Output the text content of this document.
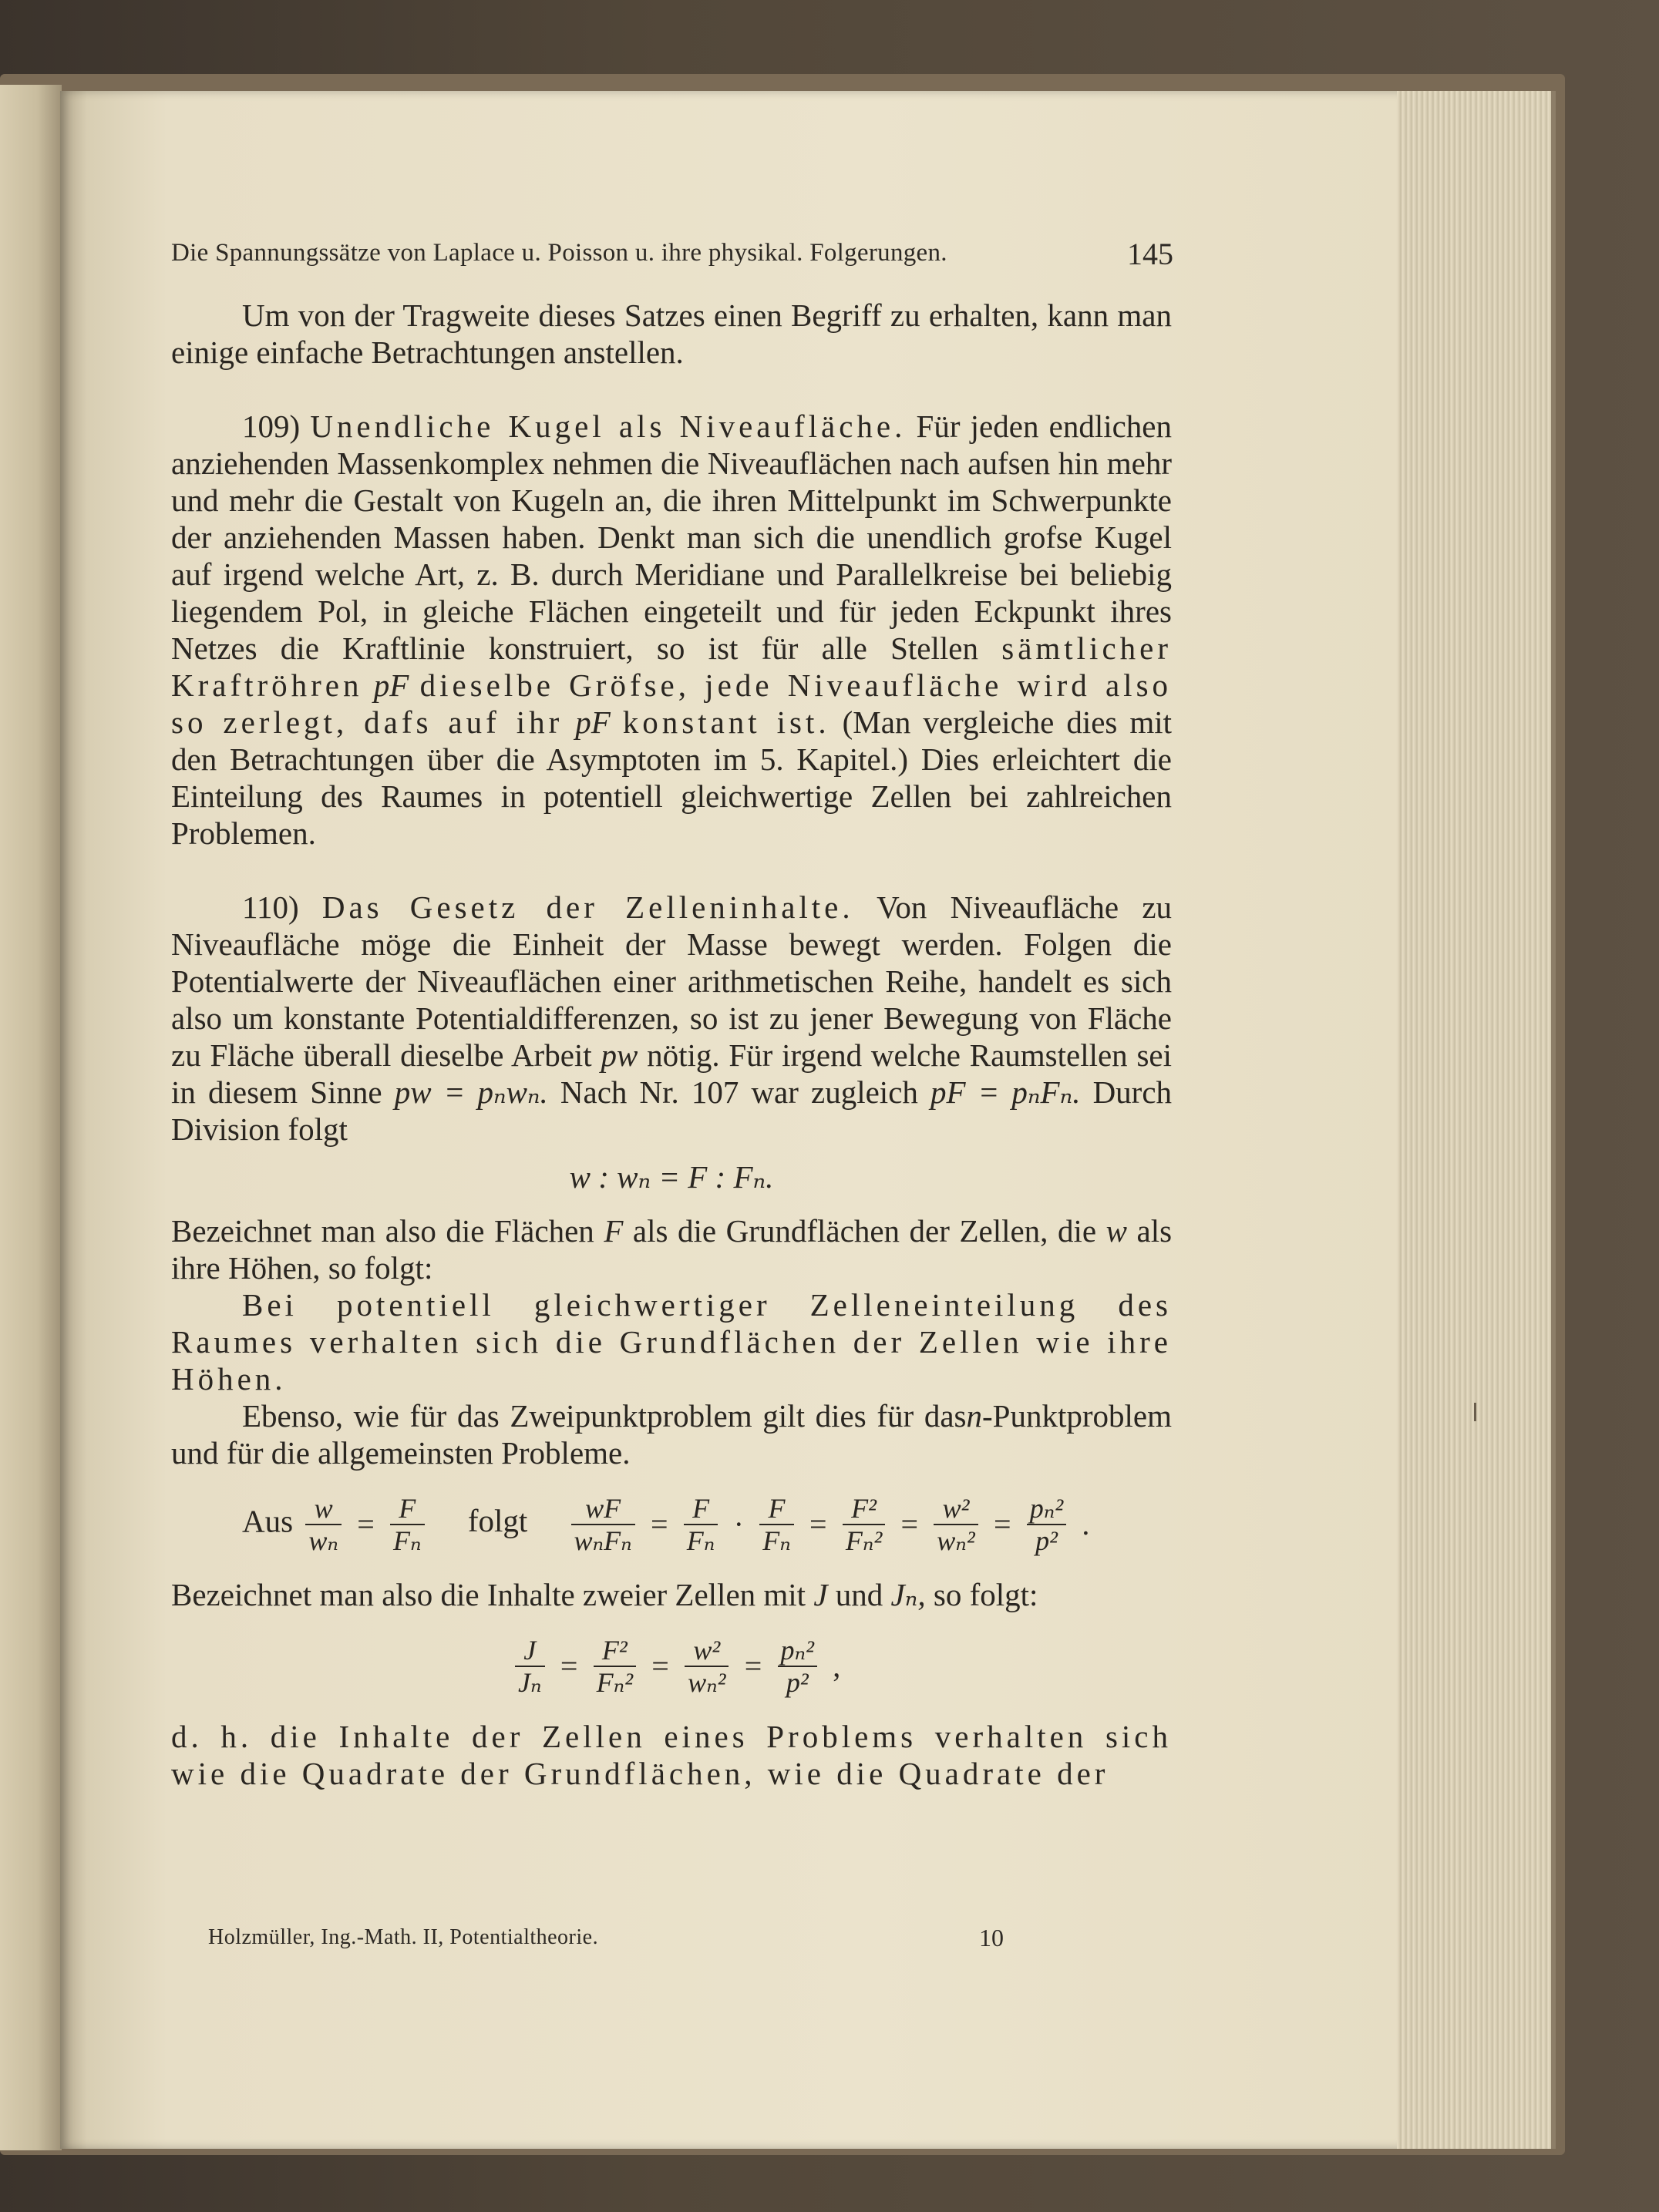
Die Spannungssätze von Laplace u. Poisson u. ihre physikal. Folgerungen.	145

Um von der Tragweite dieses Satzes einen Begriff zu erhalten, kann man einige einfache Betrachtungen anstellen.

109) Unendliche Kugel als Niveaufläche. Für jeden endlichen anziehenden Massenkomplex nehmen die Niveauflächen nach aufsen hin mehr und mehr die Gestalt von Kugeln an, die ihren Mittelpunkt im Schwerpunkte der anziehenden Massen haben. Denkt man sich die unendlich grofse Kugel auf irgend welche Art, z. B. durch Meridiane und Parallelkreise bei beliebig liegendem Pol, in gleiche Flächen eingeteilt und für jeden Eckpunkt ihres Netzes die Kraftlinie konstruiert, so ist für alle Stellen sämtlicher Kraftröhren pF dieselbe Gröfse, jede Niveaufläche wird also so zerlegt, dafs auf ihr pF konstant ist. (Man vergleiche dies mit den Betrachtungen über die Asymptoten im 5. Kapitel.) Dies erleichtert die Einteilung des Raumes in potentiell gleichwertige Zellen bei zahlreichen Problemen.

110) Das Gesetz der Zelleninhalte. Von Niveaufläche zu Niveaufläche möge die Einheit der Masse bewegt werden. Folgen die Potentialwerte der Niveauflächen einer arithmetischen Reihe, handelt es sich also um konstante Potentialdifferenzen, so ist zu jener Bewegung von Fläche zu Fläche überall dieselbe Arbeit pw nötig. Für irgend welche Raumstellen sei in diesem Sinne pw = pₙwₙ. Nach Nr. 107 war zugleich pF = pₙFₙ. Durch Division folgt

w : wₙ = F : Fₙ.

Bezeichnet man also die Flächen F als die Grundflächen der Zellen, die w als ihre Höhen, so folgt:

Bei potentiell gleichwertiger Zelleneinteilung des Raumes verhalten sich die Grundflächen der Zellen wie ihre Höhen.

Ebenso, wie für das Zweipunktproblem gilt dies für dasn-Punktproblem und für die allgemeinsten Probleme.

Aus $\frac{w}{\text{wₙ}} = \frac{F}{\text{Fₙ}}$ folgt $\frac{wF}{\text{wₙFₙ}} = \frac{F}{\text{Fₙ}} \cdot \frac{F}{\text{Fₙ}} = \frac{\text{F²}}{\text{Fₙ²}} = \frac{\text{w²}}{\text{wₙ²}} = \frac{\text{pₙ²}}{\text{p²}}$ .

Bezeichnet man also die Inhalte zweier Zellen mit J und Jₙ, so folgt:

$\frac{J}{\text{Jₙ}} = \frac{\text{F²}}{\text{Fₙ²}} = \frac{\text{w²}}{\text{wₙ²}} = \frac{\text{pₙ²}}{\text{p²}}$ ,

d. h. die Inhalte der Zellen eines Problems verhalten sich wie die Quadrate der Grundflächen, wie die Quadrate der

Holzmüller, Ing.-Math. II, Potentialtheorie.	10
